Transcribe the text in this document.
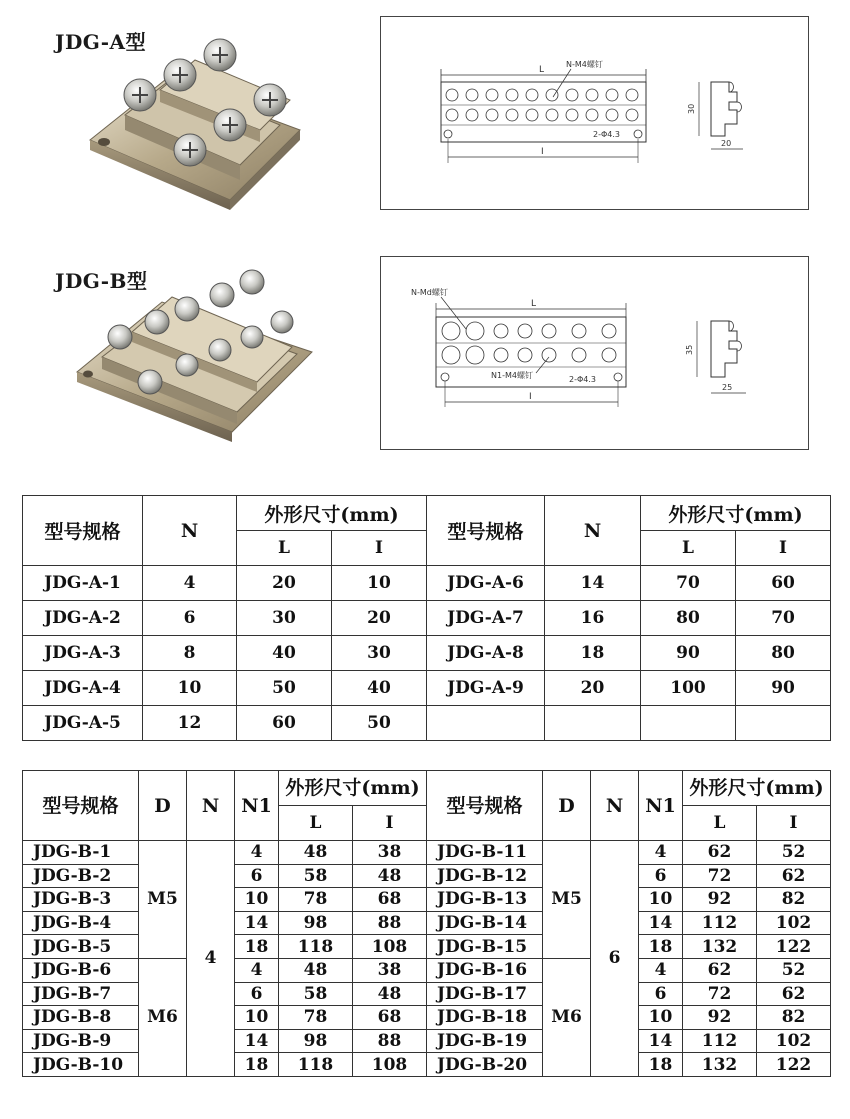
JDG-A型
L
N-M4螺钉
2-Φ4.3
I
30
20
JDG-B型	N-Md螺钉
L
N1-M4螺钉	2-Φ4.3
I
35
25
型号规格	N	外形尺寸(mm)		型号规格	N	外形尺寸(mm)	
		L	I			L	I
JDG-A-1	4	20	10	JDG-A-6	14	70	60
JDG-A-2	6	30	20	JDG-A-7	16	80	70
JDG-A-3	8	40	30	JDG-A-8	18	90	80
JDG-A-4	10	50	40	JDG-A-9	20	100	90
JDG-A-5	12	60	50				
型号规格	D	N	N1	外形尺寸(mm)		型号规格	D	N	N1	外形尺寸(mm)	
				L	I					L	I
JDG-B-1	M5	4	4	48	38	JDG-B-11	M5	6	4	62	52
JDG-B-2			6	58	48	JDG-B-12			6	72	62
JDG-B-3			10	78	68	JDG-B-13			10	92	82
JDG-B-4			14	98	88	JDG-B-14			14	112	102
JDG-B-5			18	118	108	JDG-B-15			18	132	122
JDG-B-6	M6		4	48	38	JDG-B-16	M6		4	62	52
JDG-B-7			6	58	48	JDG-B-17			6	72	62
JDG-B-8			10	78	68	JDG-B-18			10	92	82
JDG-B-9			14	98	88	JDG-B-19			14	112	102
JDG-B-10			18	118	108	JDG-B-20			18	132	122
